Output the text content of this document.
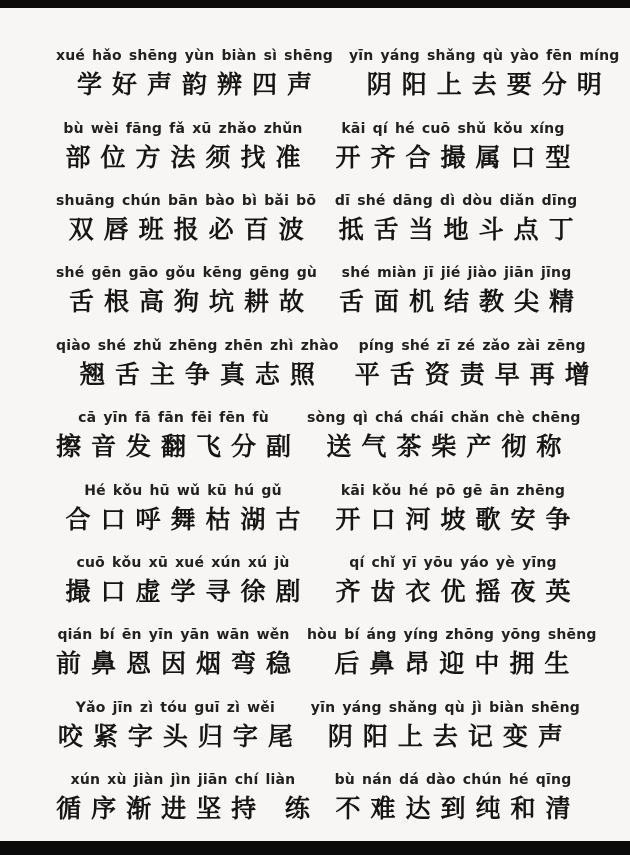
xué hǎo shēng yùn biàn sì shēng
学好声韵辨四声
yīn yáng shǎng qù yào fēn míng
阴阳上去要分明
bù wèi fāng fǎ xū zhǎo zhǔn
部位方法须找准
kāi qí hé cuō shǔ kǒu xíng
开齐合撮属口型
shuāng chún bān bào bì bǎi bō
双唇班报必百波
dī shé dāng dì dòu diǎn dīng
抵舌当地斗点丁
shé gēn gāo gǒu kēng gēng gù
舌根高狗坑耕故
shé miàn jī jié jiào jiān jīng
舌面机结教尖精
qiào shé zhǔ zhēng zhēn zhì zhào
翘舌主争真志照
píng shé zī zé zǎo zài zēng
平舌资责早再增
cā yīn fā fān fēi fēn fù
擦音发翻飞分副
sòng qì chá chái chǎn chè chēng
送气茶柴产彻称
Hé kǒu hū wǔ kū hú gǔ
合口呼舞枯湖古
kāi kǒu hé pō gē ān zhēng
开口河坡歌安争
cuō kǒu xū xué xún xú jù
撮口虚学寻徐剧
qí chǐ yī yōu yáo yè yīng
齐齿衣优摇夜英
qián bí ēn yīn yān wān wěn
前鼻恩因烟弯稳
hòu bí áng yíng zhōng yōng shēng
后鼻昂迎中拥生
Yǎo jīn zì tóu guī zì wěi
咬紧字头归字尾
yīn yáng shǎng qù jì biàn shēng
阴阳上去记变声
xún xù jiàn jìn jiān chí liàn
循序渐进坚持 练
bù nán dá dào chún hé qīng
不难达到纯和清
